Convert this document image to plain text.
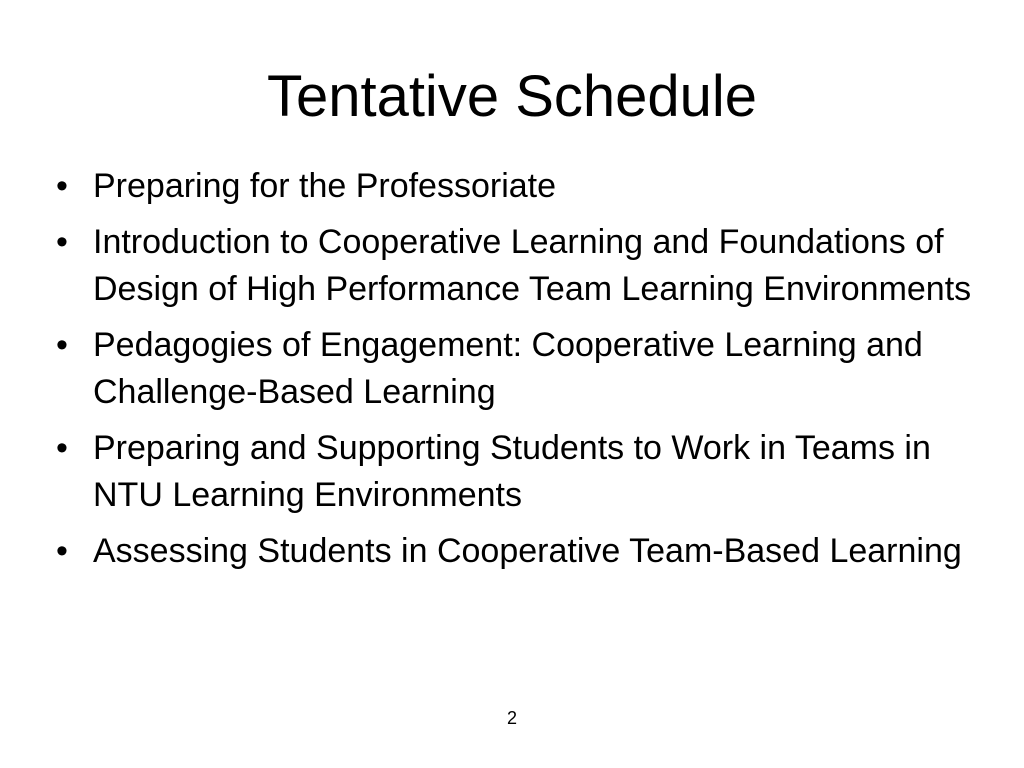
Tentative Schedule
• Preparing for the Professoriate
• Introduction to Cooperative Learning and Foundations of Design of High Performance Team Learning Environments
• Pedagogies of Engagement: Cooperative Learning and Challenge-Based Learning
• Preparing and Supporting Students to Work in Teams in NTU Learning Environments
• Assessing Students in Cooperative Team-Based Learning
2
